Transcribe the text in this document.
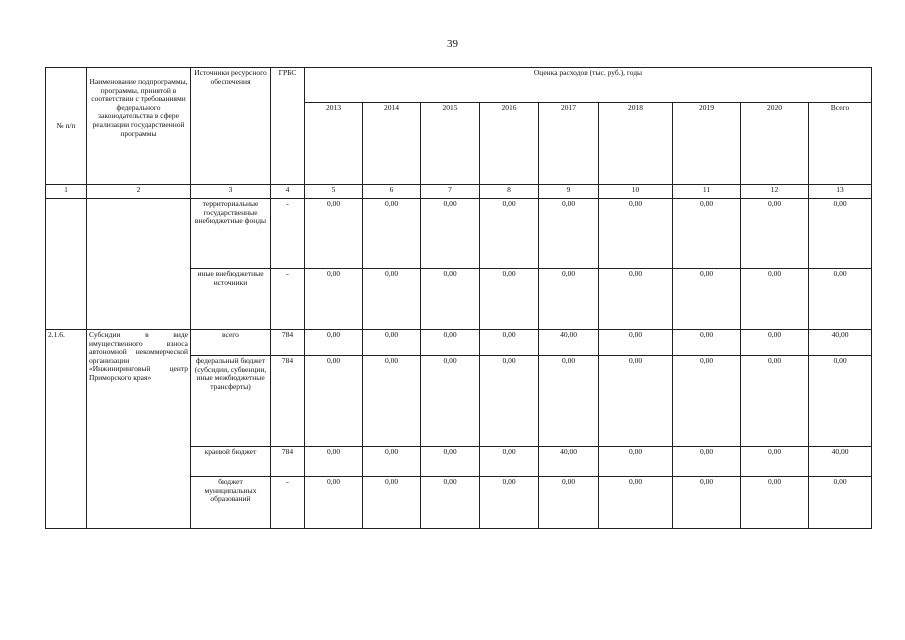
39
№ п/п	Наименование подпрограммы, программы, принятой в соответствии с требованиями федерального законодательства в сфере реализации государственной программы	Источники ресурсного обеспечения	ГРБС	Оценка расходов (тыс. руб.), годы								
				2013	2014	2015	2016	2017	2018	2019	2020	Всего
1	2	3	4	5	6	7	8	9	10	11	12	13
		территориальные государственные внебюджетные фонды	-	0,00	0,00	0,00	0,00	0,00	0,00	0,00	0,00	0,00
		иные внебюджетные источники	-	0,00	0,00	0,00	0,00	0,00	0,00	0,00	0,00	0,00
2.1.6.	Субсидии в виде имущественного взноса автономной некоммерческой организации «Инжиниринговый центр Приморского края»	всего	784	0,00	0,00	0,00	0,00	40,00	0,00	0,00	0,00	40,00
		федеральный бюджет (субсидии, субвенции, иные межбюджетные трансферты)	784	0,00	0,00	0,00	0,00	0,00	0,00	0,00	0,00	0,00
		краевой бюджет	784	0,00	0,00	0,00	0,00	40,00	0,00	0,00	0,00	40,00
		бюджет муниципальных образований	-	0,00	0,00	0,00	0,00	0,00	0,00	0,00	0,00	0,00
